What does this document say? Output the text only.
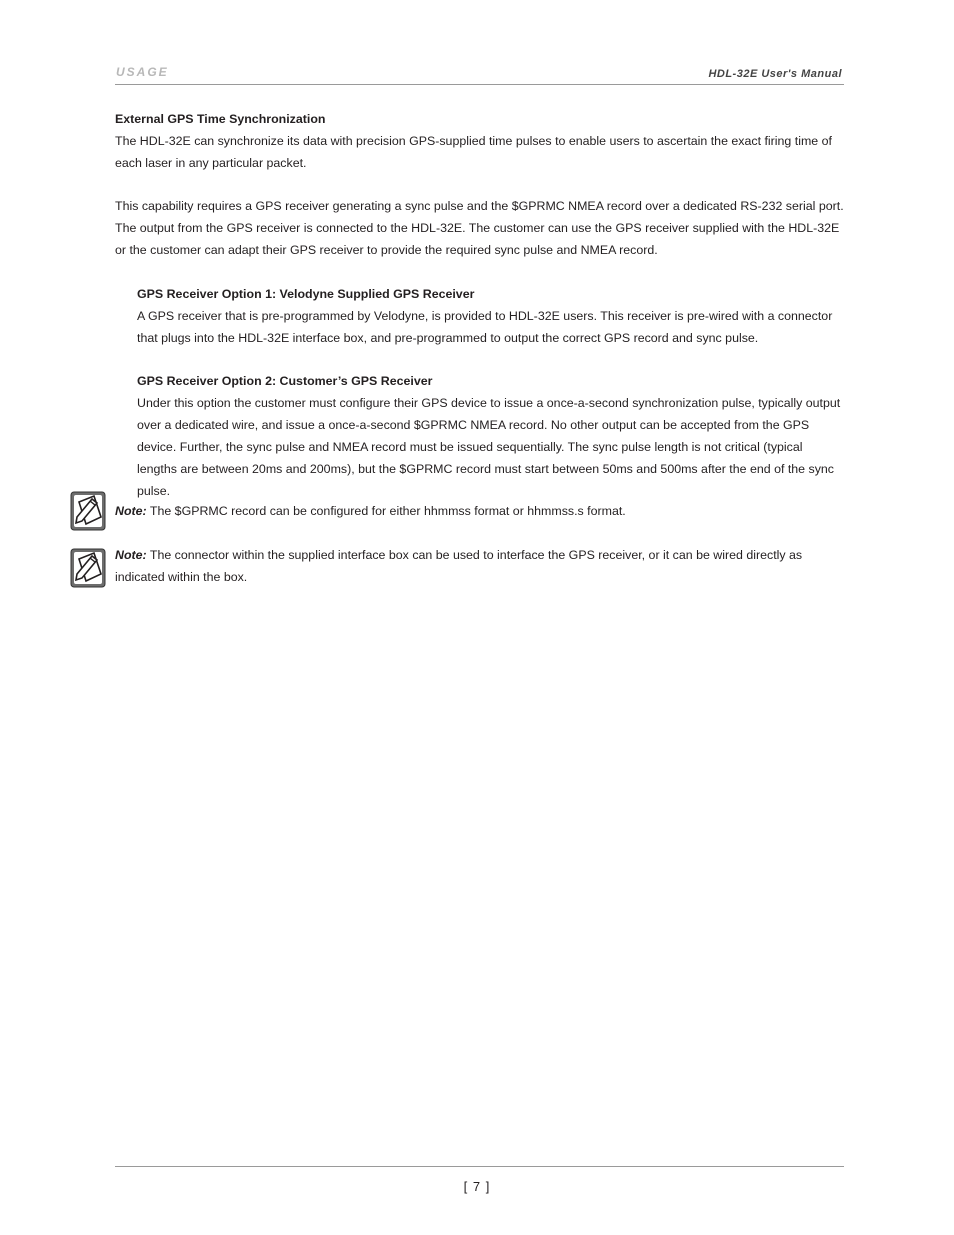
USAGE	HDL-32E User's Manual

External GPS Time Synchronization

The HDL-32E can synchronize its data with precision GPS-supplied time pulses to enable users to ascertain the exact firing time of each laser in any particular packet.

This capability requires a GPS receiver generating a sync pulse and the $GPRMC NMEA record over a dedicated RS-232 serial port.

The output from the GPS receiver is connected to the HDL-32E. The customer can use the GPS receiver supplied with the HDL-32E

or the customer can adapt their GPS receiver to provide the required sync pulse and NMEA record.

GPS Receiver Option 1: Velodyne Supplied GPS Receiver

A GPS receiver that is pre-programmed by Velodyne, is provided to HDL-32E users. This receiver is pre-wired with a connector that plugs into the HDL-32E interface box, and pre-programmed to output the correct GPS record and sync pulse.

GPS Receiver Option 2: Customer’s GPS Receiver

Under this option the customer must configure their GPS device to issue a once-a-second synchronization pulse, typically output over a dedicated wire, and issue a once-a-second $GPRMC NMEA record. No other output can be accepted from the GPS device. Further, the sync pulse and NMEA record must be issued sequentially. The sync pulse length is not critical (typical lengths are between 20ms and 200ms), but the $GPRMC record must start between 50ms and 500ms after the end of the sync pulse.

Note: The $GPRMC record can be configured for either hhmmss format or hhmmss.s format.

Note: The connector within the supplied interface box can be used to interface the GPS receiver, or it can be wired directly as indicated within the box.

[ 7 ]
